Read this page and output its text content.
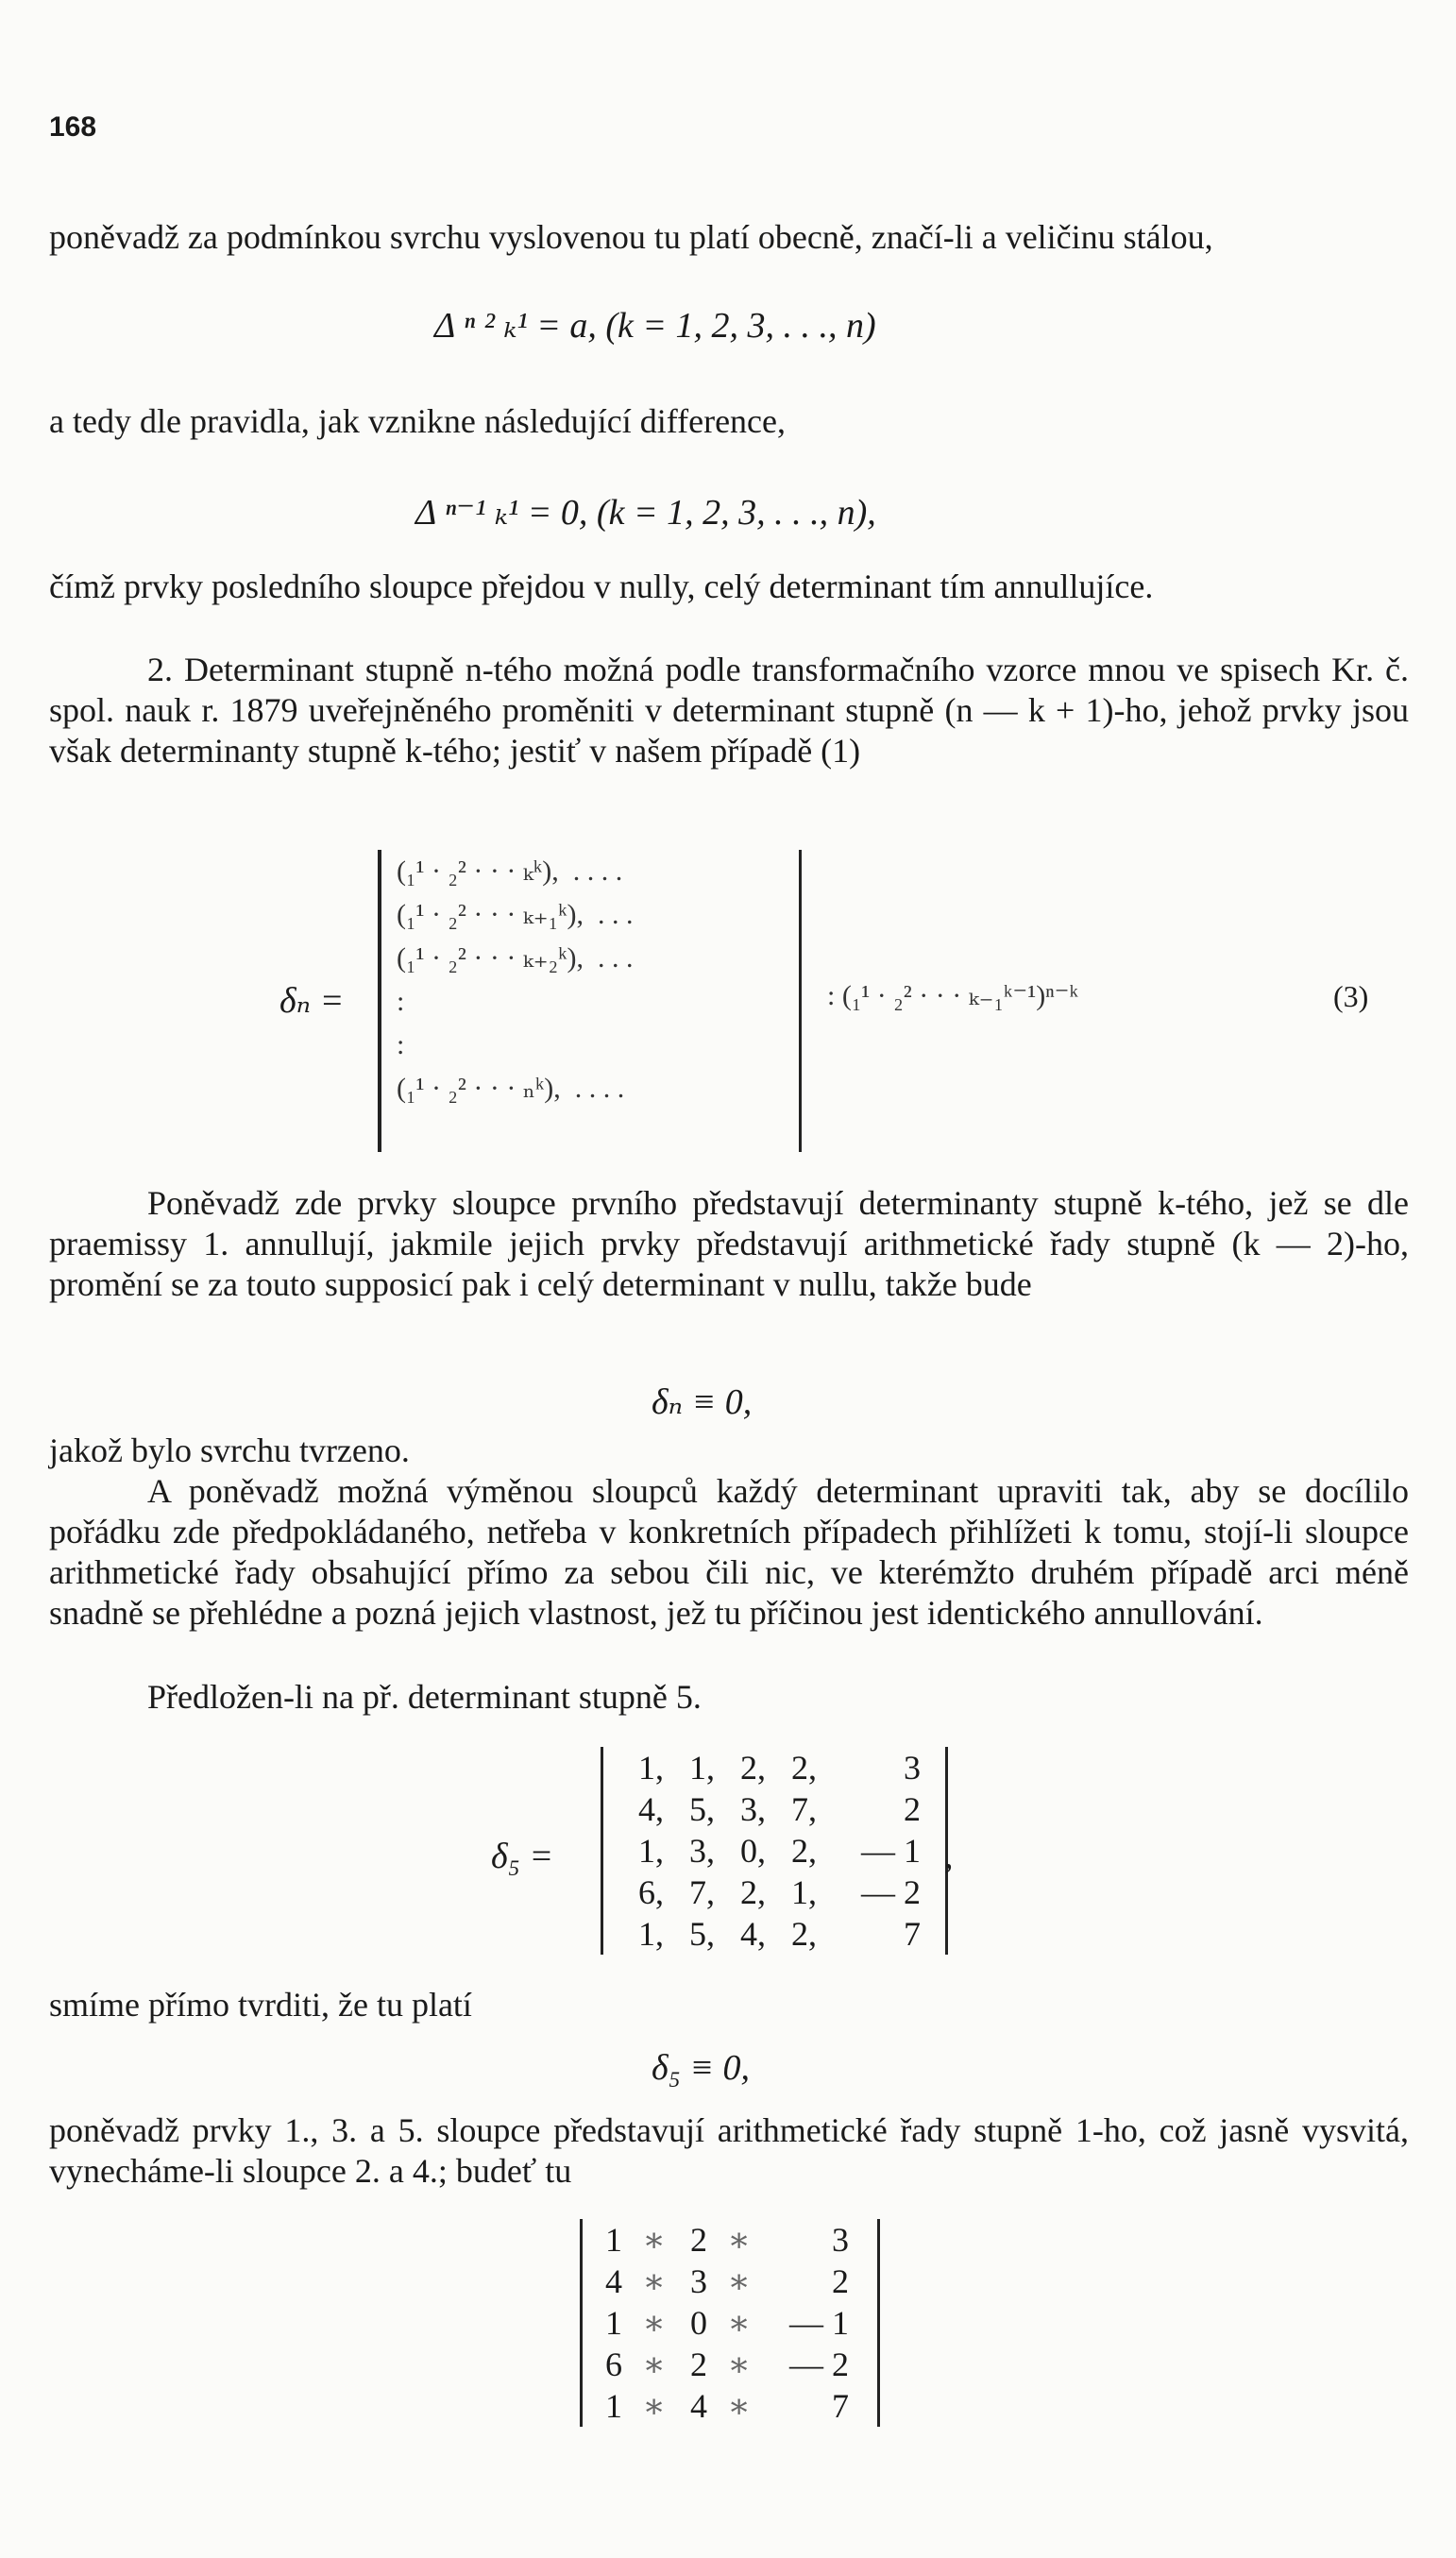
168
poněvadž za podmínkou svrchu vyslovenou tu platí obecně, značí-li a veličinu stálou,
Δ ⁿ ² ₖ¹ = a, (k = 1, 2, 3, . . ., n)
a tedy dle pravidla, jak vznikne následující difference,
Δ ⁿ⁻¹ ₖ¹ = 0, (k = 1, 2, 3, . . ., n),
čímž prvky posledního sloupce přejdou v nully, celý determinant tím annullujíce.
2. Determinant stupně n-tého možná podle transformačního vzorce mnou ve spisech Kr. č. spol. nauk r. 1879 uveřejněného proměniti v determinant stupně (n — k + 1)-ho, jehož prvky jsou však determinanty stupně k-tého; jestiť v našem případě (1)
δₙ =
(₁¹ · ₂² · · · ₖᵏ),  . . . .
(₁¹ · ₂² · · · ₖ₊₁ᵏ),  . . .
(₁¹ · ₂² · · · ₖ₊₂ᵏ),  . . .
:
:
(₁¹ · ₂² · · · ₙᵏ),  . . . .
: (₁¹ · ₂² · · · ₖ₋₁ᵏ⁻¹)ⁿ⁻ᵏ	(3)
Poněvadž zde prvky sloupce prvního představují determinanty stupně k-tého, jež se dle praemissy 1. annullují, jakmile jejich prvky představují arithmetické řady stupně (k — 2)-ho, promění se za touto supposicí pak i celý determinant v nullu, takže bude
δₙ ≡ 0,
jakož bylo svrchu tvrzeno.
A poněvadž možná výměnou sloupců každý determinant upraviti tak, aby se docílilo pořádku zde předpokládaného, netřeba v konkretních případech přihlížeti k tomu, stojí-li sloupce arithmetické řady obsahující přímo za sebou čili nic, ve kterémžto druhém případě arci méně snadně se přehlédne a pozná jejich vlastnost, jež tu příčinou jest identického annullování.
Předložen-li na př. determinant stupně 5.
δ₅ =
1, 1, 2, 2,	3
4, 5, 3, 7,	2
1, 3, 0, 2, — 1
6, 7, 2, 1, — 2
1, 5, 4, 2,	7
,
smíme přímo tvrditi, že tu platí
δ₅ ≡ 0,
poněvadž prvky 1., 3. a 5. sloupce představují arithmetické řady stupně 1-ho, což jasně vysvitá, vynecháme-li sloupce 2. a 4.; budeť tu
1 ∗ 2 ∗ 3
4 ∗ 3 ∗ 2
1 ∗ 0 ∗ — 1
6 ∗ 2 ∗ — 2
1 ∗ 4 ∗ 7
